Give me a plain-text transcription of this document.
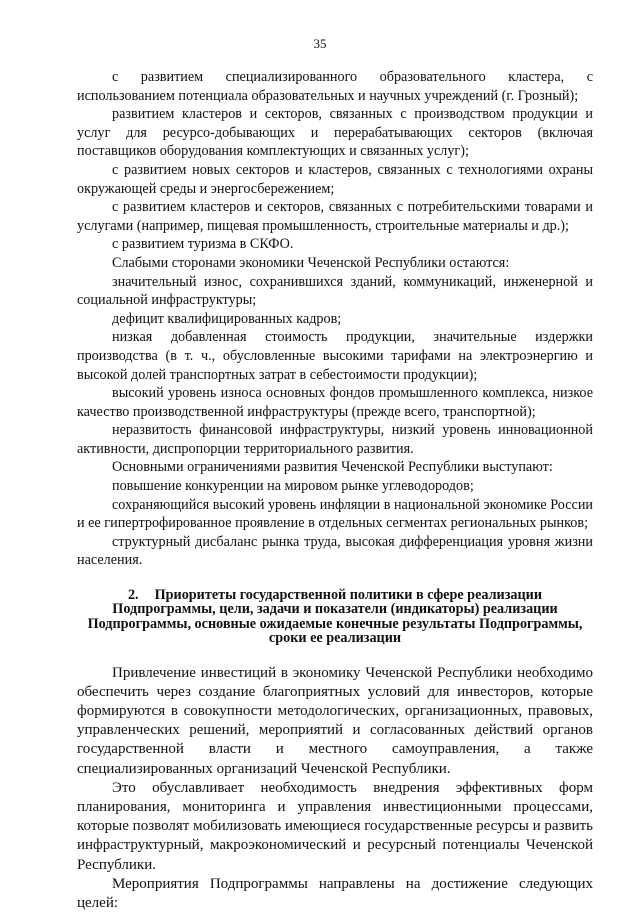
35

с развитием специализированного образовательного кластера, с использованием потенциала образовательных и научных учреждений (г. Грозный);

развитием кластеров и секторов, связанных с производством продукции и услуг для ресурсо-добывающих и перерабатывающих секторов (включая поставщиков оборудования комплектующих и связанных услуг);

с развитием новых секторов и кластеров, связанных с технологиями охраны окружающей среды и энергосбережением;

с развитием кластеров и секторов, связанных с потребительскими товарами и услугами (например, пищевая промышленность, строительные материалы и др.);

с развитием туризма в СКФО.

Слабыми сторонами экономики Чеченской Республики остаются:

значительный износ, сохранившихся зданий, коммуникаций, инженерной и социальной инфраструктуры;

дефицит квалифицированных кадров;

низкая добавленная стоимость продукции, значительные издержки производства (в т. ч., обусловленные высокими тарифами на электроэнергию и высокой долей транспортных затрат в себестоимости продукции);

высокий уровень износа основных фондов промышленного комплекса, низкое качество производственной инфраструктуры (прежде всего, транспортной);

неразвитость финансовой инфраструктуры, низкий уровень инновационной активности, диспропорции территориального развития.

Основными ограничениями развития Чеченской Республики выступают:

повышение конкуренции на мировом рынке углеводородов;

сохраняющийся высокий уровень инфляции в национальной экономике России и ее гипертрофированное проявление в отдельных сегментах региональных рынков;

структурный дисбаланс рынка труда, высокая дифференциация уровня жизни населения.

2. Приоритеты государственной политики в сфере реализации Подпрограммы, цели, задачи и показатели (индикаторы) реализации Подпрограммы, основные ожидаемые конечные результаты Подпрограммы, сроки ее реализации

Привлечение инвестиций в экономику Чеченской Республики необходимо обеспечить через создание благоприятных условий для инвесторов, которые формируются в совокупности методологических, организационных, правовых, управленческих решений, мероприятий и согласованных действий органов государственной власти и местного самоуправления, а также специализированных организаций Чеченской Республики.

Это обуславливает необходимость внедрения эффективных форм планирования, мониторинга и управления инвестиционными процессами, которые позволят мобилизовать имеющиеся государственные ресурсы и развить инфраструктурный, макроэкономический и ресурсный потенциалы Чеченской Республики.

Мероприятия Подпрограммы направлены на достижение следующих целей:
